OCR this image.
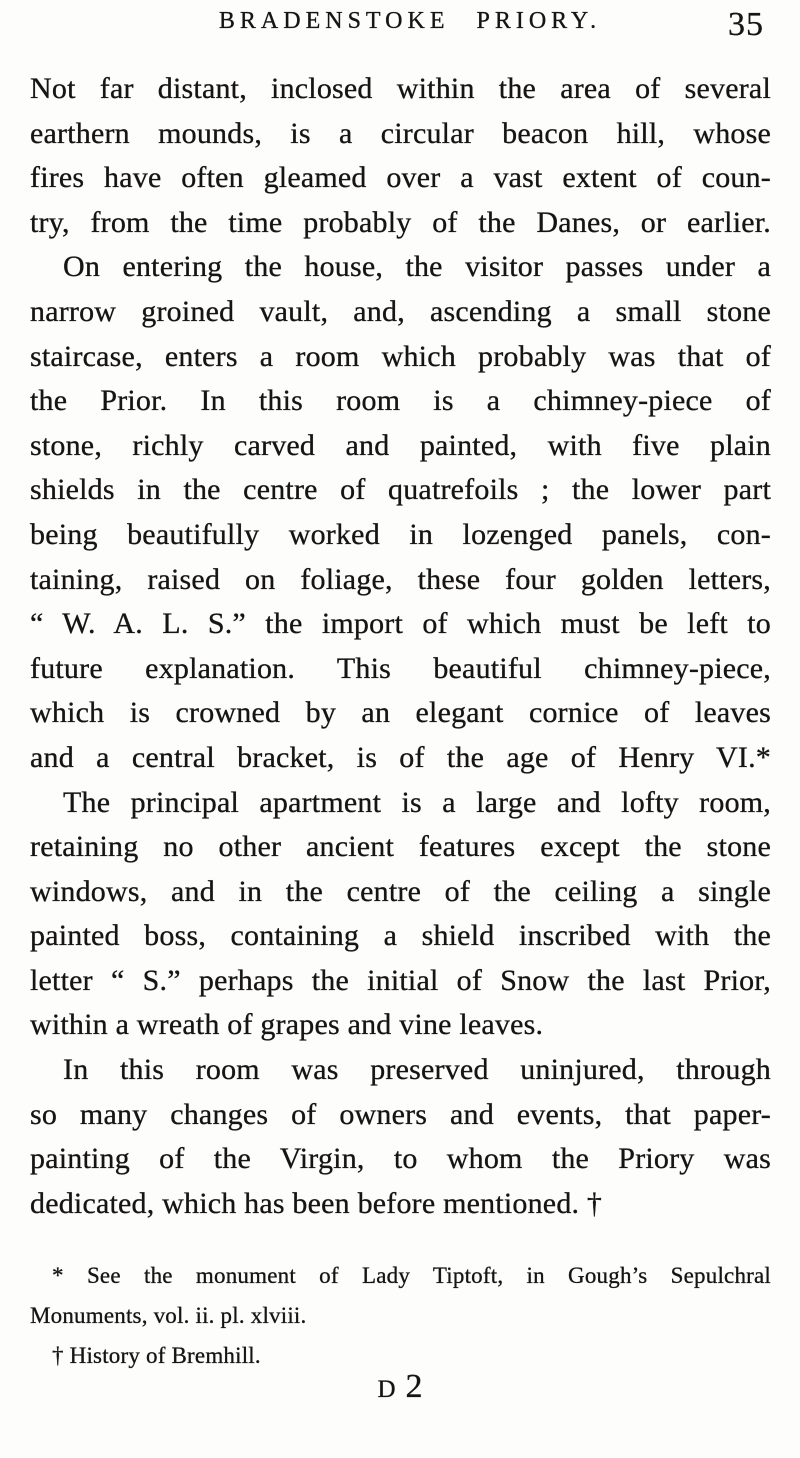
BRADENSTOKE PRIORY.	35
Not far distant, inclosed within the area of several
earthern mounds, is a circular beacon hill, whose
fires have often gleamed over a vast extent of coun-
try, from the time probably of the Danes, or earlier.
On entering the house, the visitor passes under a
narrow groined vault, and, ascending a small stone
staircase, enters a room which probably was that of
the Prior. In this room is a chimney-piece of
stone, richly carved and painted, with five plain
shields in the centre of quatrefoils ; the lower part
being beautifully worked in lozenged panels, con-
taining, raised on foliage, these four golden letters,
“ W. A. L. S.” the import of which must be left to
future explanation. This beautiful chimney-piece,
which is crowned by an elegant cornice of leaves
and a central bracket, is of the age of Henry VI.*
The principal apartment is a large and lofty room,
retaining no other ancient features except the stone
windows, and in the centre of the ceiling a single
painted boss, containing a shield inscribed with the
letter “ S.” perhaps the initial of Snow the last Prior,
within a wreath of grapes and vine leaves.
In this room was preserved uninjured, through
so many changes of owners and events, that paper-
painting of the Virgin, to whom the Priory was
dedicated, which has been before mentioned. †
* See the monument of Lady Tiptoft, in Gough’s Sepulchral
Monuments, vol. ii. pl. xlviii.
† History of Bremhill.
D 2
